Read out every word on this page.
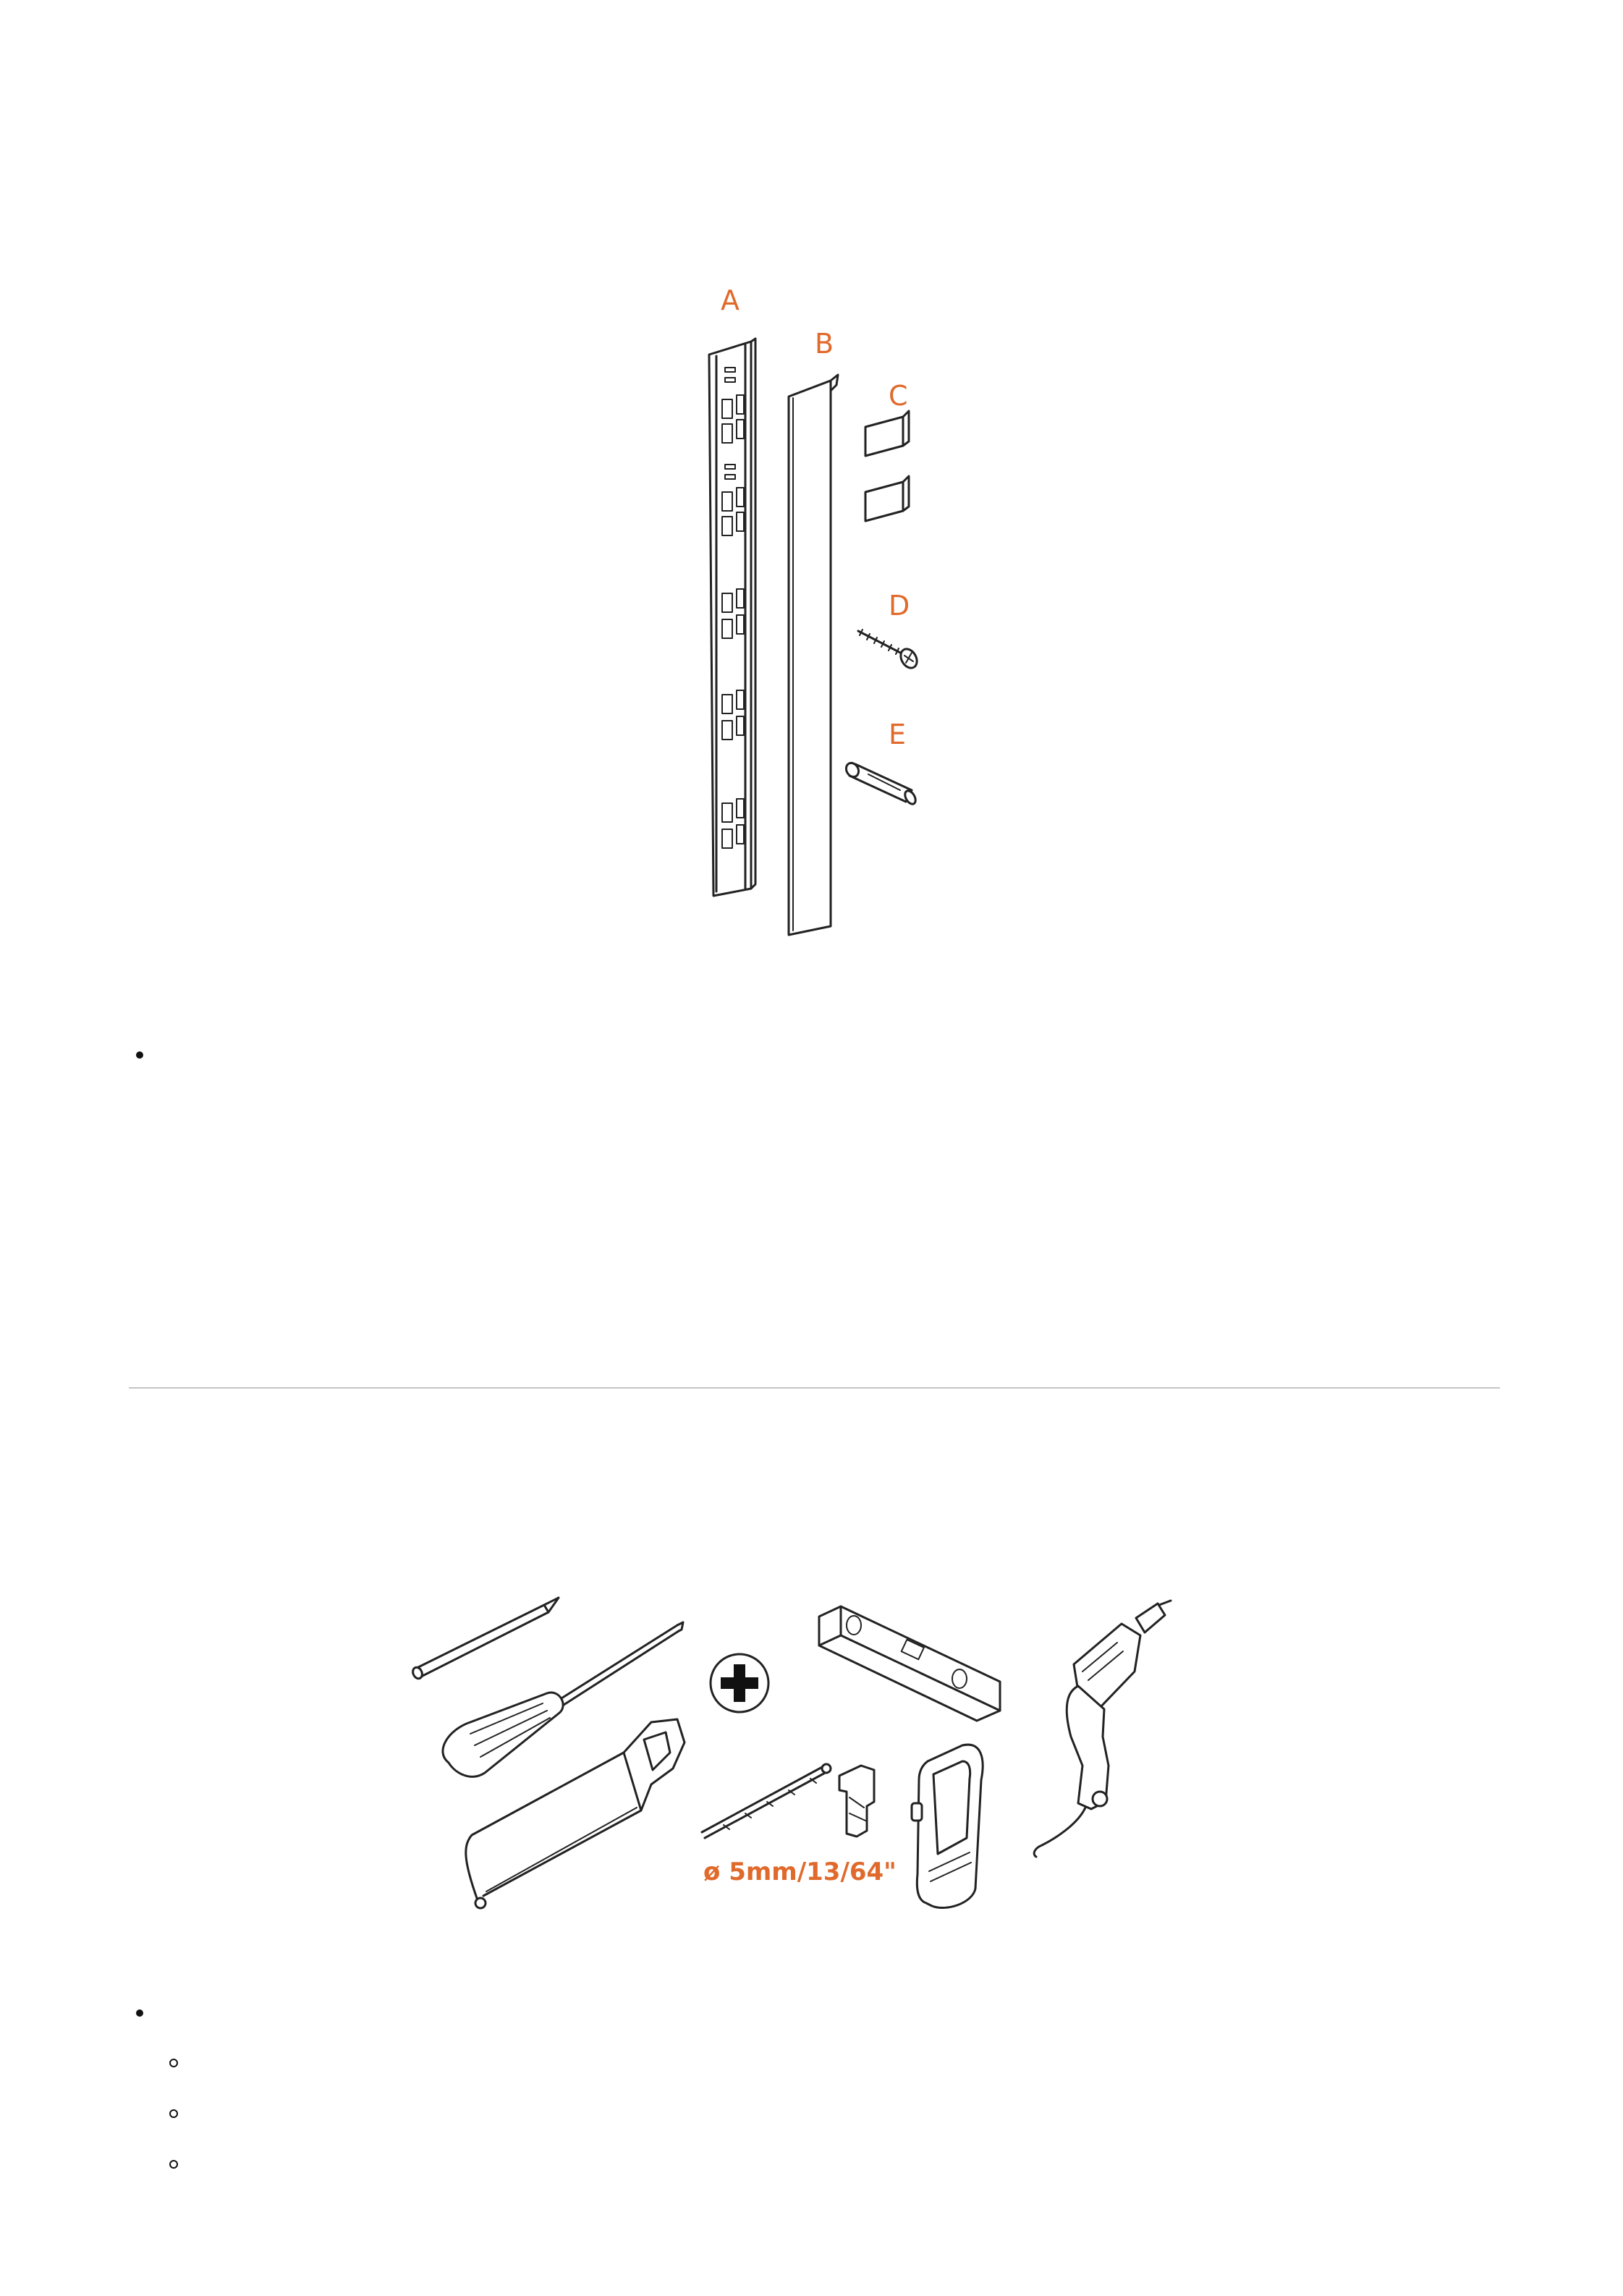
A
B
C
D
E
ø 5mm/13/64"
